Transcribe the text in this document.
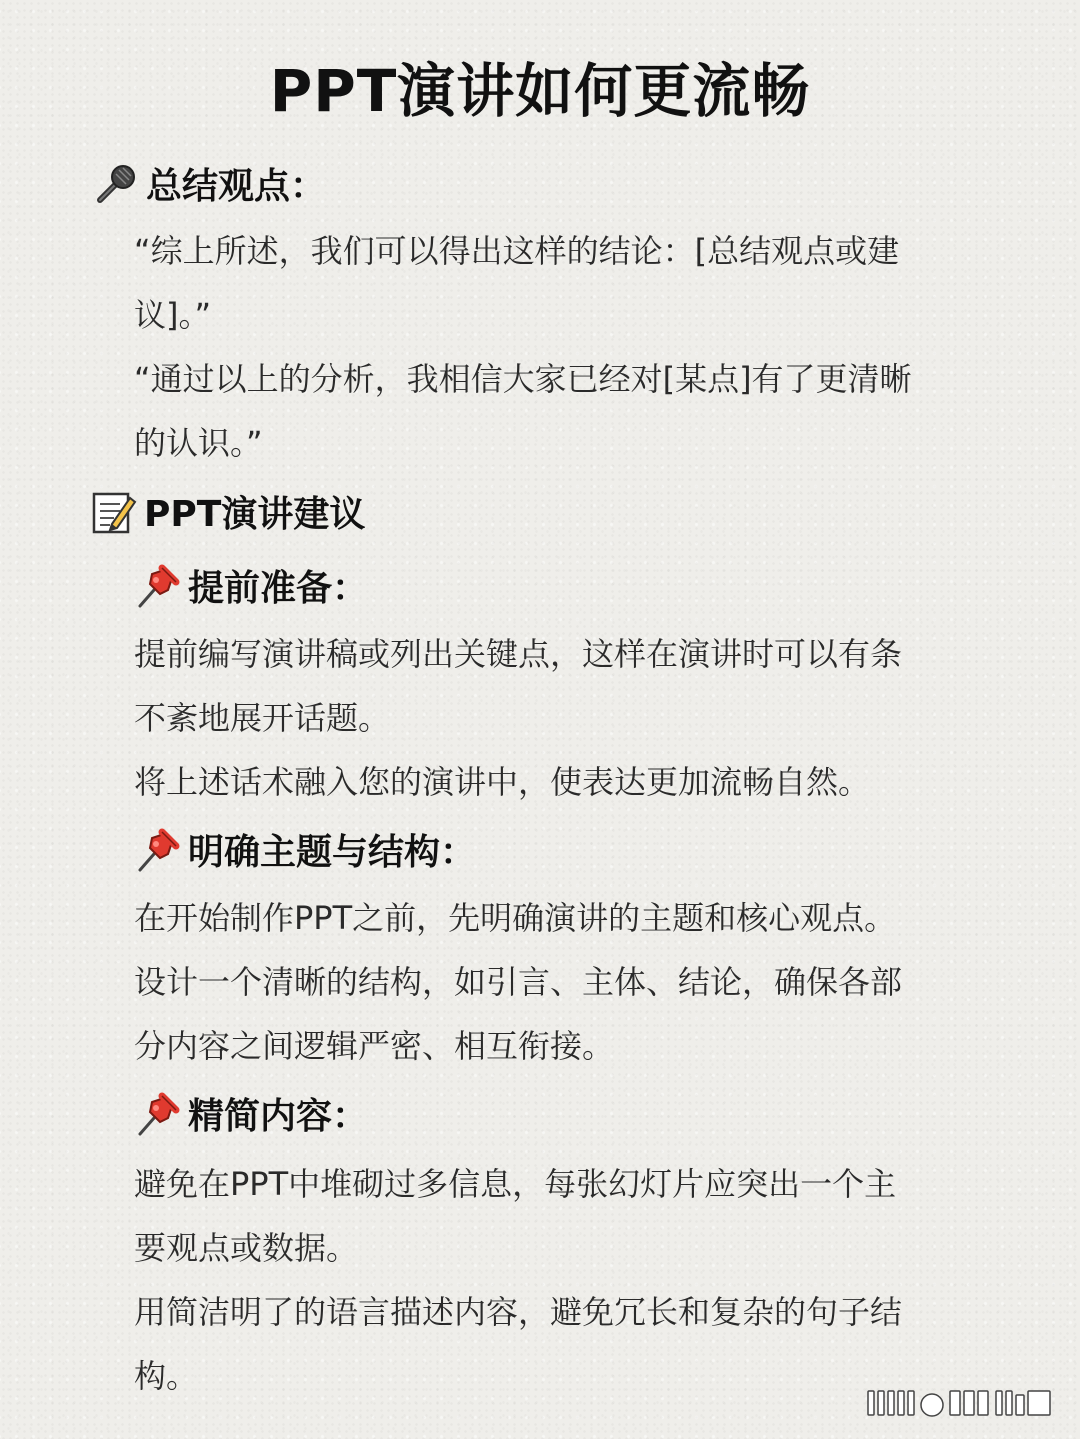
PPT演讲如何更流畅
总结观点：
“综上所述，我们可以得出这样的结论：[总结观点或建
议]。”
“通过以上的分析，我相信大家已经对[某点]有了更清晰
的认识。”
PPT演讲建议
提前准备：
提前编写演讲稿或列出关键点，这样在演讲时可以有条
不紊地展开话题。
将上述话术融入您的演讲中，使表达更加流畅自然。
明确主题与结构：
在开始制作PPT之前，先明确演讲的主题和核心观点。
设计一个清晰的结构，如引言、主体、结论，确保各部
分内容之间逻辑严密、相互衔接。
精简内容：
避免在PPT中堆砌过多信息，每张幻灯片应突出一个主
要观点或数据。
用简洁明了的语言描述内容，避免冗长和复杂的句子结
构。
